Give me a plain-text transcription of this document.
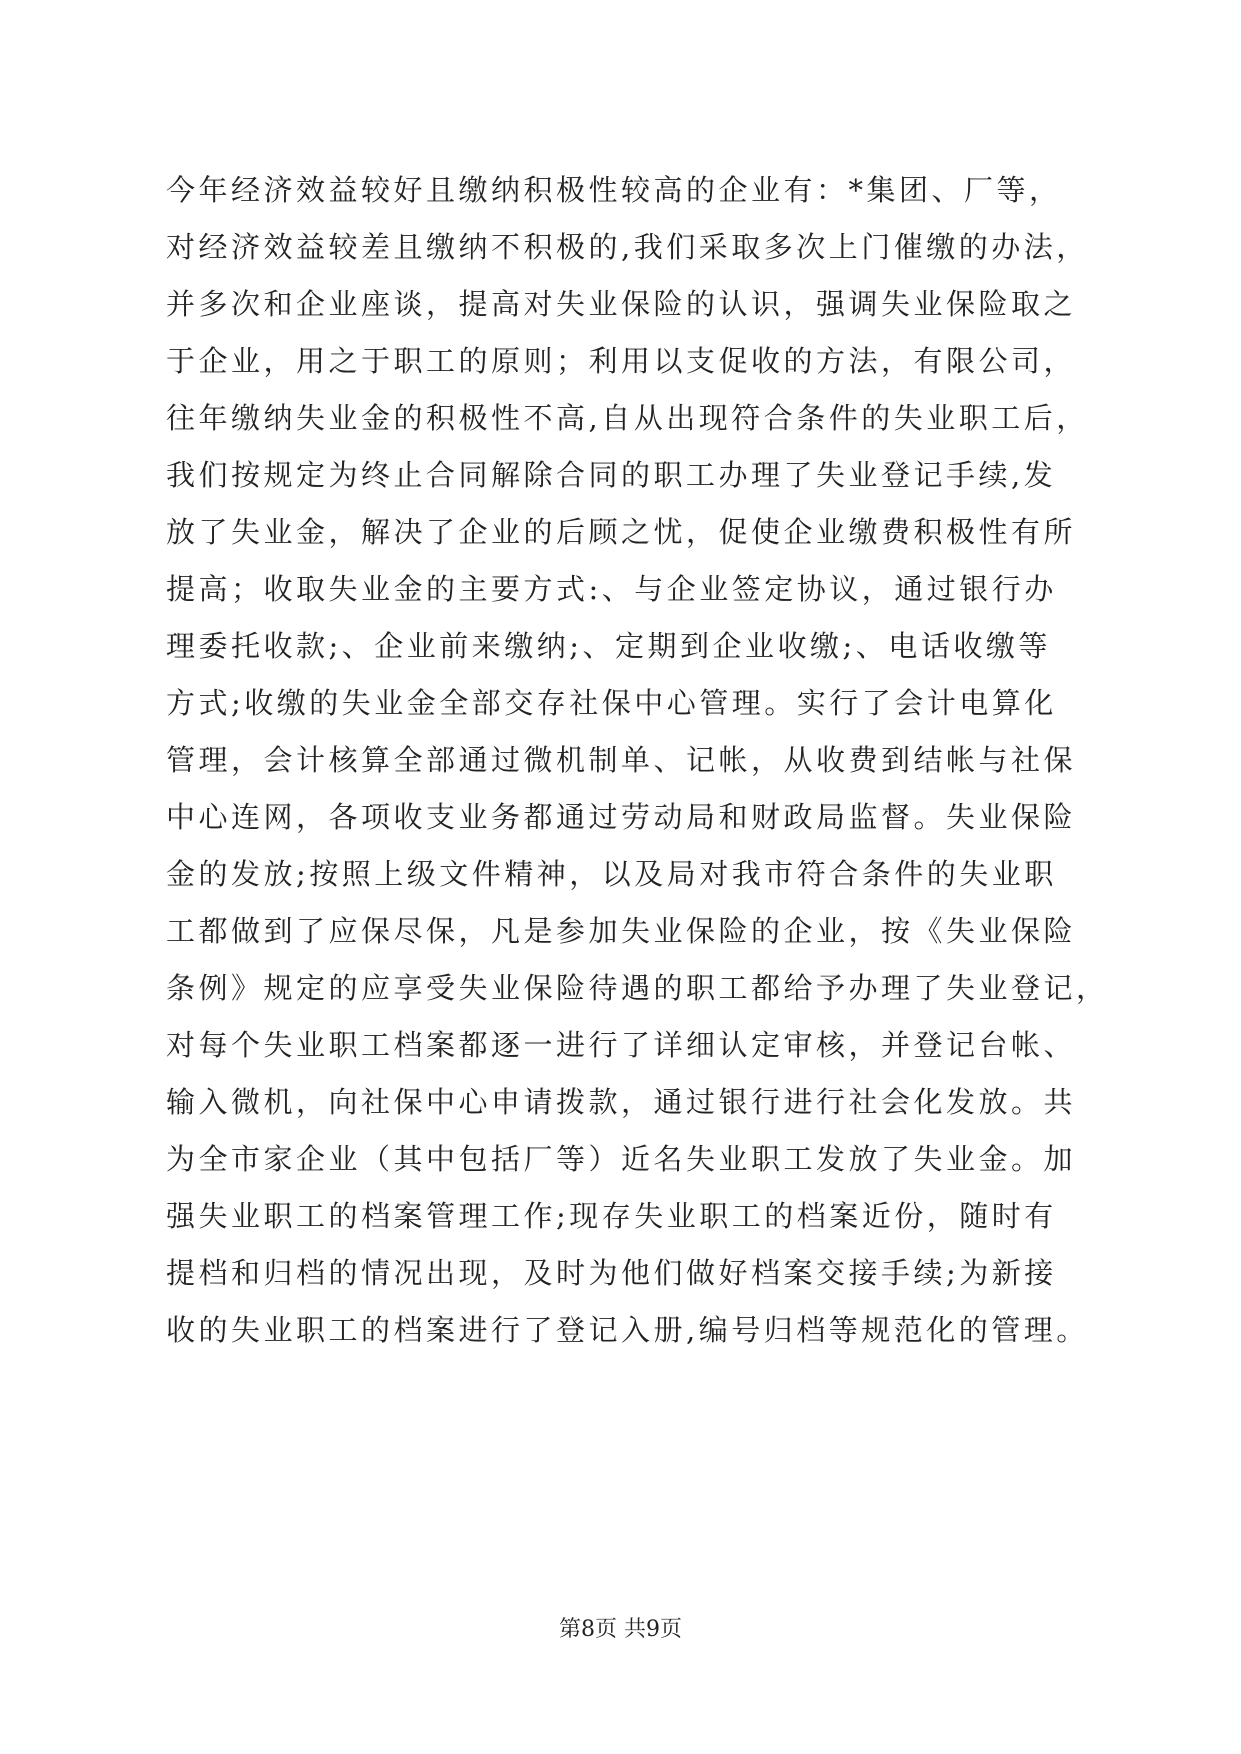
今年经济效益较好且缴纳积极性较高的企业有：*集团、厂等，
对经济效益较差且缴纳不积极的,我们采取多次上门催缴的办法，
并多次和企业座谈，提高对失业保险的认识，强调失业保险取之
于企业，用之于职工的原则；利用以支促收的方法，有限公司，
往年缴纳失业金的积极性不高,自从出现符合条件的失业职工后，
我们按规定为终止合同解除合同的职工办理了失业登记手续,发
放了失业金，解决了企业的后顾之忧，促使企业缴费积极性有所
提高；收取失业金的主要方式:、与企业签定协议，通过银行办
理委托收款;、企业前来缴纳;、定期到企业收缴;、电话收缴等
方式;收缴的失业金全部交存社保中心管理。实行了会计电算化
管理，会计核算全部通过微机制单、记帐，从收费到结帐与社保
中心连网，各项收支业务都通过劳动局和财政局监督。失业保险
金的发放;按照上级文件精神，以及局对我市符合条件的失业职
工都做到了应保尽保，凡是参加失业保险的企业，按《失业保险
条例》规定的应享受失业保险待遇的职工都给予办理了失业登记，
对每个失业职工档案都逐一进行了详细认定审核，并登记台帐、
输入微机，向社保中心申请拨款，通过银行进行社会化发放。共
为全市家企业（其中包括厂等）近名失业职工发放了失业金。加
强失业职工的档案管理工作;现存失业职工的档案近份，随时有
提档和归档的情况出现，及时为他们做好档案交接手续;为新接
收的失业职工的档案进行了登记入册,编号归档等规范化的管理。
第8页 共9页
